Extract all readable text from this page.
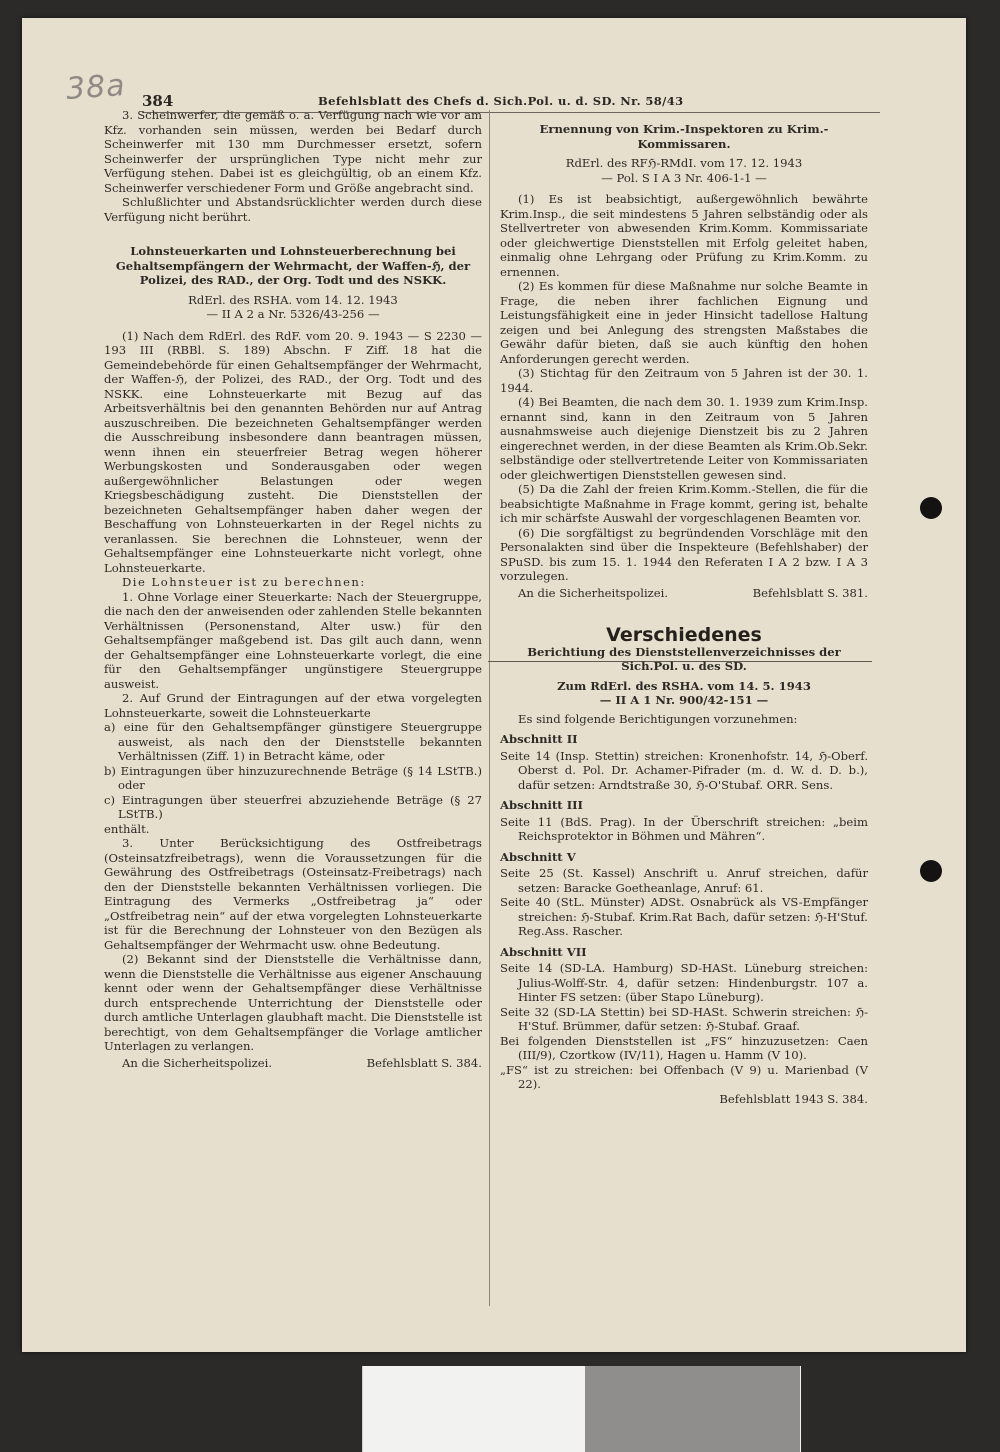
38a 384	Befehlsblatt des Chefs d. Sich.Pol. u. d. SD. Nr. 58/43

3. Scheinwerfer, die gemäß o. a. Verfügung nach wie vor am Kfz. vorhanden sein müssen, werden bei Bedarf durch Scheinwerfer mit 130 mm Durchmesser ersetzt, sofern Scheinwerfer der ursprünglichen Type nicht mehr zur Verfügung stehen. Dabei ist es gleichgültig, ob an einem Kfz. Scheinwerfer verschiedener Form und Größe angebracht sind.

Schlußlichter und Abstandsrücklichter werden durch diese Verfügung nicht berührt.

Lohnsteuerkarten und Lohnsteuerberechnung bei Gehaltsempfängern der Wehrmacht, der Waffen-ℌ, der Polizei, des RAD., der Org. Todt und des NSKK.

RdErl. des RSHA. vom 14. 12. 1943

— II A 2 a Nr. 5326/43-256 —

(1) Nach dem RdErl. des RdF. vom 20. 9. 1943 — S 2230 — 193 III (RBBl. S. 189) Abschn. F Ziff. 18 hat die Gemeindebehörde für einen Gehaltsempfänger der Wehrmacht, der Waffen-ℌ, der Polizei, des RAD., der Org. Todt und des NSKK. eine Lohnsteuerkarte mit Bezug auf das Arbeitsverhältnis bei den genannten Behörden nur auf Antrag auszuschreiben. Die bezeichneten Gehaltsempfänger werden die Ausschreibung insbesondere dann beantragen müssen, wenn ihnen ein steuerfreier Betrag wegen höherer Werbungskosten und Sonderausgaben oder wegen außergewöhnlicher Belastungen oder wegen Kriegsbeschädigung zusteht. Die Dienststellen der bezeichneten Gehaltsempfänger haben daher wegen der Beschaffung von Lohnsteuerkarten in der Regel nichts zu veranlassen. Sie berechnen die Lohnsteuer, wenn der Gehaltsempfänger eine Lohnsteuerkarte nicht vorlegt, ohne Lohnsteuerkarte.

Die Lohnsteuer ist zu berechnen:

1. Ohne Vorlage einer Steuerkarte: Nach der Steuergruppe, die nach den der anweisenden oder zahlenden Stelle bekannten Verhältnissen (Personenstand, Alter usw.) für den Gehaltsempfänger maßgebend ist. Das gilt auch dann, wenn der Gehaltsempfänger eine Lohnsteuerkarte vorlegt, die eine für den Gehaltsempfänger ungünstigere Steuergruppe ausweist.

2. Auf Grund der Eintragungen auf der etwa vorgelegten Lohnsteuerkarte, soweit die Lohnsteuerkarte

a) eine für den Gehaltsempfänger günstigere Steuergruppe ausweist, als nach den der Dienststelle bekannten Verhältnissen (Ziff. 1) in Betracht käme, oder

b) Eintragungen über hinzuzurechnende Beträge (§ 14 LStTB.) oder

c) Eintragungen über steuerfrei abzuziehende Beträge (§ 27 LStTB.)

enthält.

3. Unter Berücksichtigung des Ostfreibetrags (Osteinsatzfreibetrags), wenn die Voraussetzungen für die Gewährung des Ostfreibetrags (Osteinsatz-Freibetrags) nach den der Dienststelle bekannten Verhältnissen vorliegen. Die Eintragung des Vermerks „Ostfreibetrag ja“ oder „Ostfreibetrag nein“ auf der etwa vorgelegten Lohnsteuerkarte ist für die Berechnung der Lohnsteuer von den Bezügen als Gehaltsempfänger der Wehrmacht usw. ohne Bedeutung.

(2) Bekannt sind der Dienststelle die Verhältnisse dann, wenn die Dienststelle die Verhältnisse aus eigener Anschauung kennt oder wenn der Gehaltsempfänger diese Verhältnisse durch entsprechende Unterrichtung der Dienststelle oder durch amtliche Unterlagen glaubhaft macht. Die Dienststelle ist berechtigt, von dem Gehaltsempfänger die Vorlage amtlicher Unterlagen zu verlangen.

An die Sicherheitspolizei.	Befehlsblatt S. 384.

Ernennung von Krim.-Inspektoren zu Krim.-Kommissaren.

RdErl. des RFℌ-RMdI. vom 17. 12. 1943

— Pol. S I A 3 Nr. 406-1-1 —

(1) Es ist beabsichtigt, außergewöhnlich bewährte Krim.Insp., die seit mindestens 5 Jahren selbständig oder als Stellvertreter von abwesenden Krim.Komm. Kommissariate oder gleichwertige Dienststellen mit Erfolg geleitet haben, einmalig ohne Lehrgang oder Prüfung zu Krim.Komm. zu ernennen.

(2) Es kommen für diese Maßnahme nur solche Beamte in Frage, die neben ihrer fachlichen Eignung und Leistungsfähigkeit eine in jeder Hinsicht tadellose Haltung zeigen und bei Anlegung des strengsten Maßstabes die Gewähr dafür bieten, daß sie auch künftig den hohen Anforderungen gerecht werden.

(3) Stichtag für den Zeitraum von 5 Jahren ist der 30. 1. 1944.

(4) Bei Beamten, die nach dem 30. 1. 1939 zum Krim.Insp. ernannt sind, kann in den Zeitraum von 5 Jahren ausnahmsweise auch diejenige Dienstzeit bis zu 2 Jahren eingerechnet werden, in der diese Beamten als Krim.Ob.Sekr. selbständige oder stellvertretende Leiter von Kommissariaten oder gleichwertigen Dienststellen gewesen sind.

(5) Da die Zahl der freien Krim.Komm.-Stellen, die für die beabsichtigte Maßnahme in Frage kommt, gering ist, behalte ich mir schärfste Auswahl der vorgeschlagenen Beamten vor.

(6) Die sorgfältigst zu begründenden Vorschläge mit den Personalakten sind über die Inspekteure (Befehlshaber) der SPuSD. bis zum 15. 1. 1944 den Referaten I A 2 bzw. I A 3 vorzulegen.

An die Sicherheitspolizei.	Befehlsblatt S. 381.
Verschiedenes

Berichtiung des Dienststellenverzeichnisses der Sich.Pol. u. des SD.

Zum RdErl. des RSHA. vom 14. 5. 1943

— II A 1 Nr. 900/42-151 —

Es sind folgende Berichtigungen vorzunehmen:

Abschnitt II

Seite 14 (Insp. Stettin) streichen: Kronenhofstr. 14, ℌ-Oberf. Oberst d. Pol. Dr. Achamer-Pifrader (m. d. W. d. D. b.), dafür setzen: Arndtstraße 30, ℌ-O'Stubaf. ORR. Sens.

Abschnitt III

Seite 11 (BdS. Prag). In der Überschrift streichen: „beim Reichsprotektor in Böhmen und Mähren“.

Abschnitt V

Seite 25 (St. Kassel) Anschrift u. Anruf streichen, dafür setzen: Baracke Goetheanlage, Anruf: 61.

Seite 40 (StL. Münster) ADSt. Osnabrück als VS-Empfänger streichen: ℌ-Stubaf. Krim.Rat Bach, dafür setzen: ℌ-H'Stuf. Reg.Ass. Rascher.

Abschnitt VII

Seite 14 (SD-LA. Hamburg) SD-HASt. Lüneburg streichen: Julius-Wolff-Str. 4, dafür setzen: Hindenburgstr. 107 a. Hinter FS setzen: (über Stapo Lüneburg).

Seite 32 (SD-LA Stettin) bei SD-HASt. Schwerin streichen: ℌ-H'Stuf. Brümmer, dafür setzen: ℌ-Stubaf. Graaf.

Bei folgenden Dienststellen ist „FS“ hinzuzusetzen: Caen (III/9), Czortkow (IV/11), Hagen u. Hamm (V 10).

„FS“ ist zu streichen: bei Offenbach (V 9) u. Marienbad (V 22).

Befehlsblatt 1943 S. 384.
